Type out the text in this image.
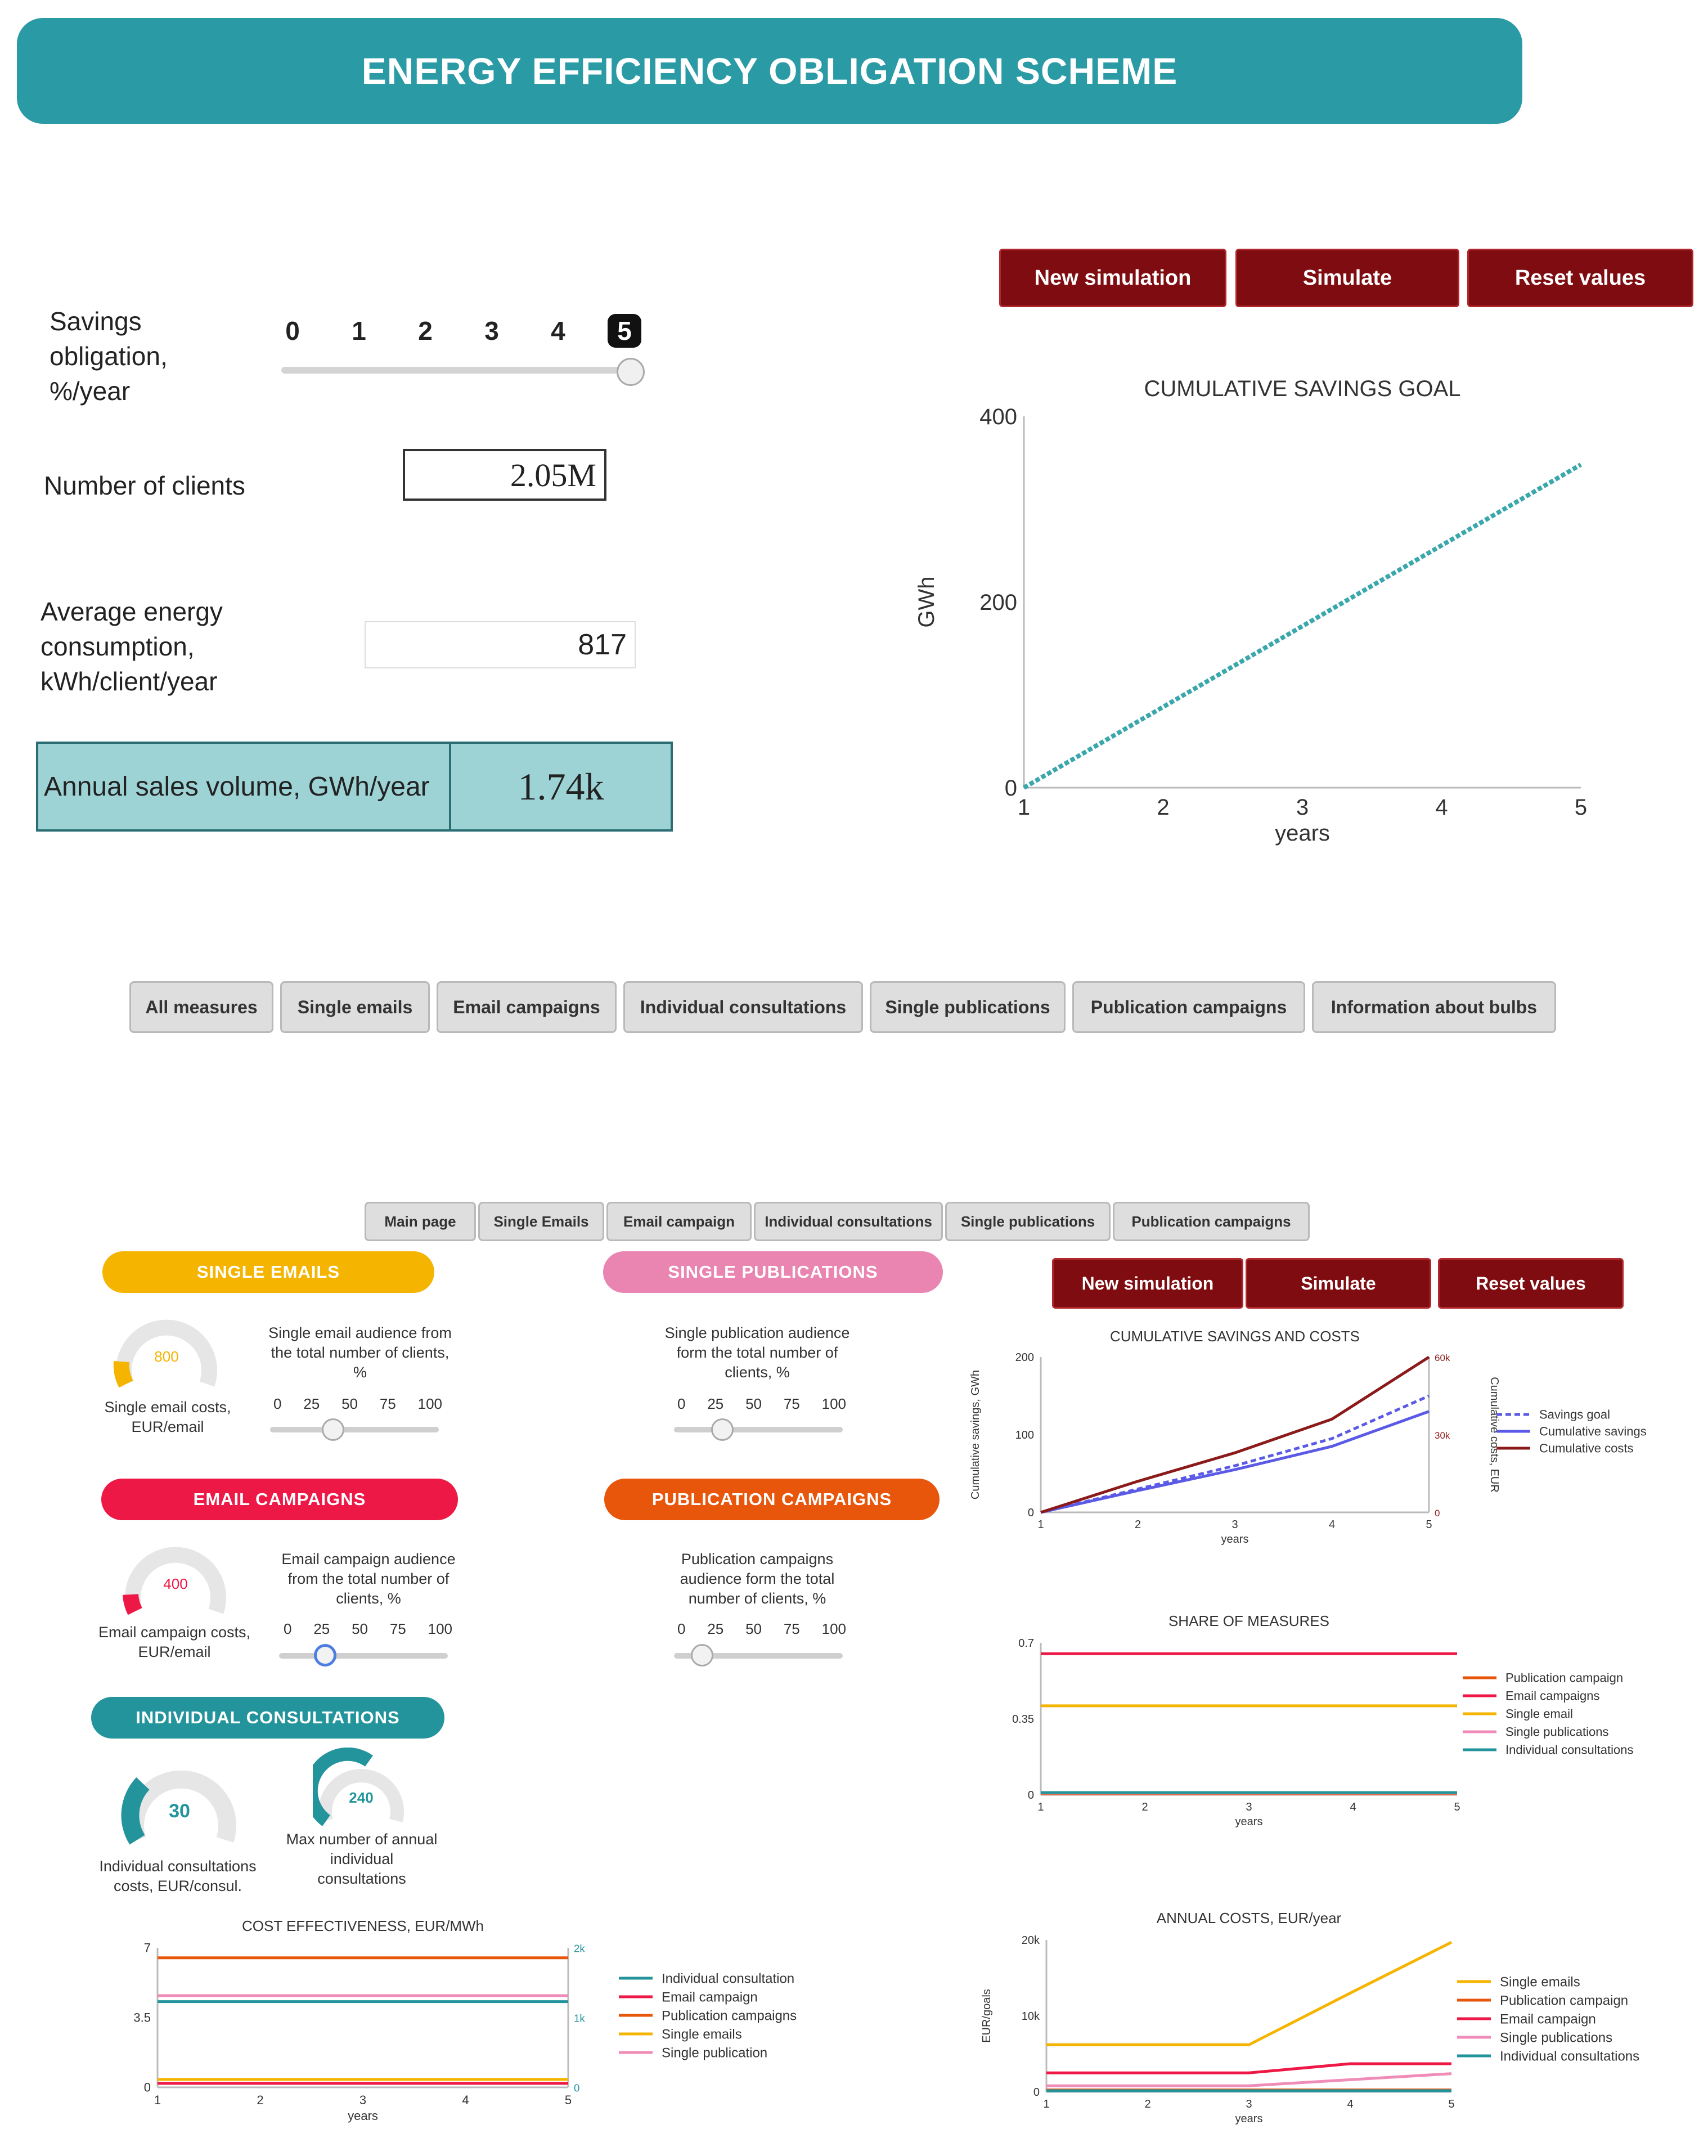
ENERGY EFFICIENCY OBLIGATION SCHEME
New simulation	Simulate	Reset values
Savings obligation, %/year
0	1	2	3	4	5
Number of clients	2.05M
Average energy consumption, kWh/client/year
817
Annual sales volume, GWh/year	1.74k
CUMULATIVE SAVINGS GOAL
1	2	3	4	5
0
200
400
years
GWh
All measures	Single emails	Email campaigns	Individual consultations	Single publications	Publication campaigns	Information about bulbs
Main page	Single Emails	Email campaign	Individual consultations	Single publications	Publication campaigns
New simulation	Simulate	Reset values
SINGLE EMAILS
800
Single email costs, EUR/email
Single email audience from the total number of clients, %
0 25 50 75 100
SINGLE PUBLICATIONS
Single publication audience form the total number of clients, %
0 25 50 75 100
EMAIL CAMPAIGNS
400
Email campaign costs, EUR/email
Email campaign audience from the total number of clients, %
0 25 50 75 100
PUBLICATION CAMPAIGNS
Publication campaigns audience form the total number of clients, %
0 25 50 75 100
INDIVIDUAL CONSULTATIONS
30
Individual consultations costs, EUR/consul.
240
Max number of annual individual consultations
CUMULATIVE SAVINGS AND COSTS
1	2	3	4	5
0
100
200
0
30k
60k
years
Cumulative savings, GWh	Cumulative costs, EUR	Savings goal
Cumulative savings
Cumulative costs
SHARE OF MEASURES
1	2	3	4	5
0
0.35
0.7
years
Publication campaign
Email campaigns
Single email
Single publications
Individual consultations
COST EFFECTIVENESS, EUR/MWh
1	2	3	4	5
0
3.5
7
0
1k
2k
years
Individual consultation
Email campaign
Publication campaigns
Single emails
Single publication
ANNUAL COSTS, EUR/year
1	2	3	4	5
0
10k
20k
years
EUR/goals
Single emails
Publication campaign
Email campaign
Single publications
Individual consultations
